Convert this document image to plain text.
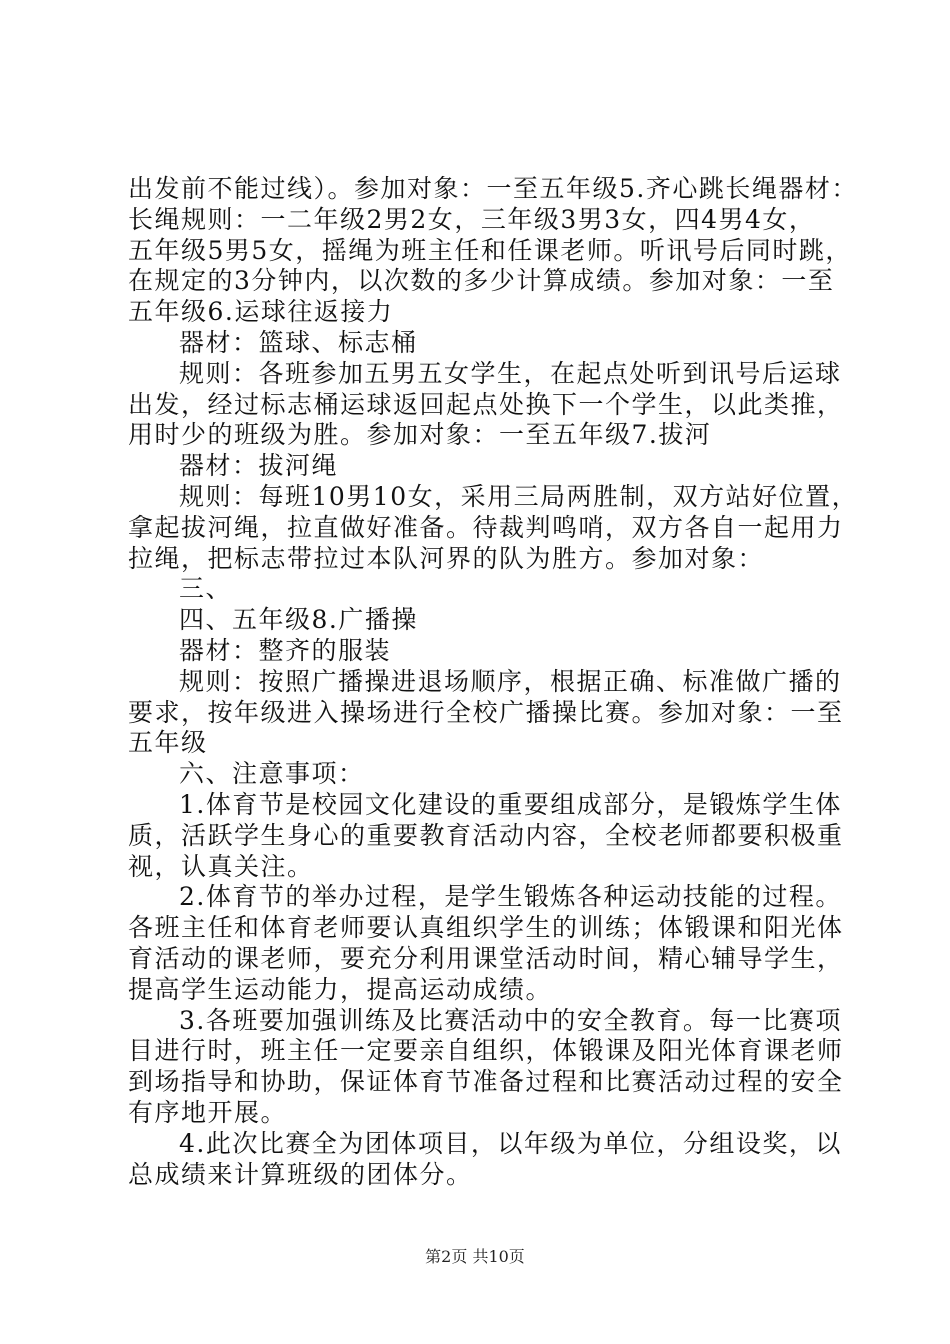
出发前不能过线）。参加对象：一至五年级5.齐心跳长绳器材：
长绳规则：一二年级2男2女，三年级3男3女，四4男4女，
五年级5男5女，摇绳为班主任和任课老师。听讯号后同时跳，
在规定的3分钟内，以次数的多少计算成绩。参加对象：一至
五年级6.运球往返接力
器材：篮球、标志桶
规则：各班参加五男五女学生，在起点处听到讯号后运球
出发，经过标志桶运球返回起点处换下一个学生，以此类推，
用时少的班级为胜。参加对象：一至五年级7.拔河
器材：拔河绳
规则：每班10男10女，采用三局两胜制，双方站好位置，
拿起拔河绳，拉直做好准备。待裁判鸣哨，双方各自一起用力
拉绳，把标志带拉过本队河界的队为胜方。参加对象：
三、
四、五年级8.广播操
器材：整齐的服装
规则：按照广播操进退场顺序，根据正确、标准做广播的
要求，按年级进入操场进行全校广播操比赛。参加对象：一至
五年级
六、注意事项：
1.体育节是校园文化建设的重要组成部分，是锻炼学生体
质，活跃学生身心的重要教育活动内容，全校老师都要积极重
视，认真关注。
2.体育节的举办过程，是学生锻炼各种运动技能的过程。
各班主任和体育老师要认真组织学生的训练；体锻课和阳光体
育活动的课老师，要充分利用课堂活动时间，精心辅导学生，
提高学生运动能力，提高运动成绩。
3.各班要加强训练及比赛活动中的安全教育。每一比赛项
目进行时，班主任一定要亲自组织，体锻课及阳光体育课老师
到场指导和协助，保证体育节准备过程和比赛活动过程的安全
有序地开展。
4.此次比赛全为团体项目，以年级为单位，分组设奖，以
总成绩来计算班级的团体分。
第2页 共10页
